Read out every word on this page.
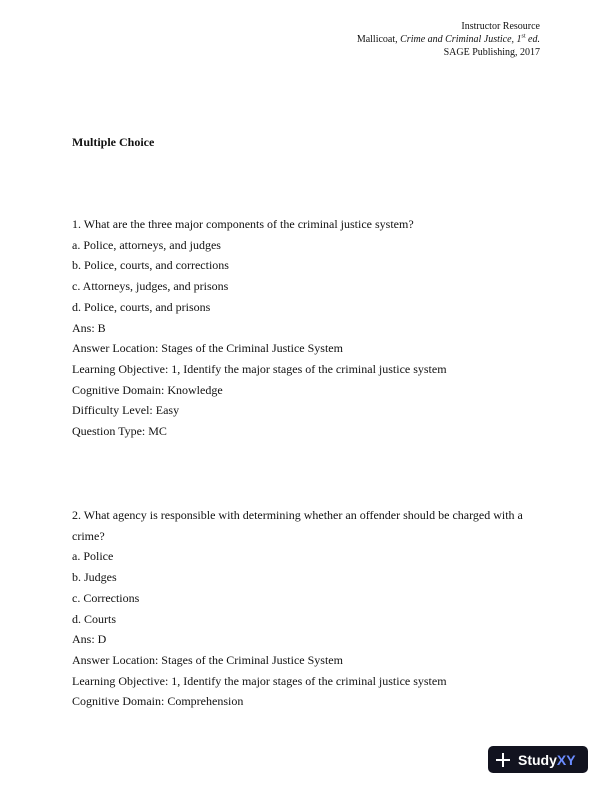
Instructor Resource
Mallicoat, Crime and Criminal Justice, 1st ed.
SAGE Publishing, 2017
Multiple Choice

1. What are the three major components of the criminal justice system?

a. Police, attorneys, and judges

b. Police, courts, and corrections

c. Attorneys, judges, and prisons

d. Police, courts, and prisons

Ans: B

Answer Location: Stages of the Criminal Justice System

Learning Objective: 1, Identify the major stages of the criminal justice system

Cognitive Domain: Knowledge

Difficulty Level: Easy

Question Type: MC

2. What agency is responsible with determining whether an offender should be charged with a

crime?

a. Police

b. Judges

c. Corrections

d. Courts

Ans: D

Answer Location: Stages of the Criminal Justice System

Learning Objective: 1, Identify the major stages of the criminal justice system

Cognitive Domain: Comprehension

Study XY
